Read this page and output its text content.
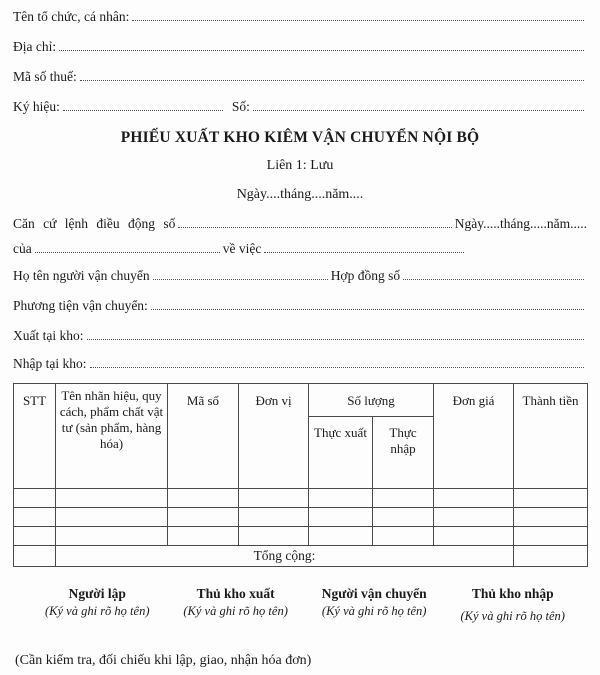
Tên tổ chức, cá nhân:
Địa chỉ:
Mã số thuế:
Ký hiệu:	Số:
PHIẾU XUẤT KHO KIÊM VẬN CHUYỂN NỘI BỘ
Liên 1: Lưu
Ngày....tháng....năm....
Căn cứ lệnh điều động số	Ngày.....tháng.....năm.....
của	về việc
Họ tên người vận chuyển	Hợp đồng số
Phương tiện vận chuyển:
Xuất tại kho:
Nhập tại kho:
STT	Tên nhãn hiệu, quy cách, phẩm chất vật tư (sản phẩm, hàng hóa)	Mã số	Đơn vị	Số lượng		Đơn giá	Thành tiền
				Thực xuất	Thực nhập		

	Tổng cộng:						
Người lập
(Ký và ghi rõ họ tên)
Thủ kho xuất
(Ký và ghi rõ họ tên)
Người vận chuyển
(Ký và ghi rõ họ tên)
Thủ kho nhập
(Ký và ghi rõ họ tên)
(Cần kiểm tra, đối chiếu khi lập, giao, nhận hóa đơn)
